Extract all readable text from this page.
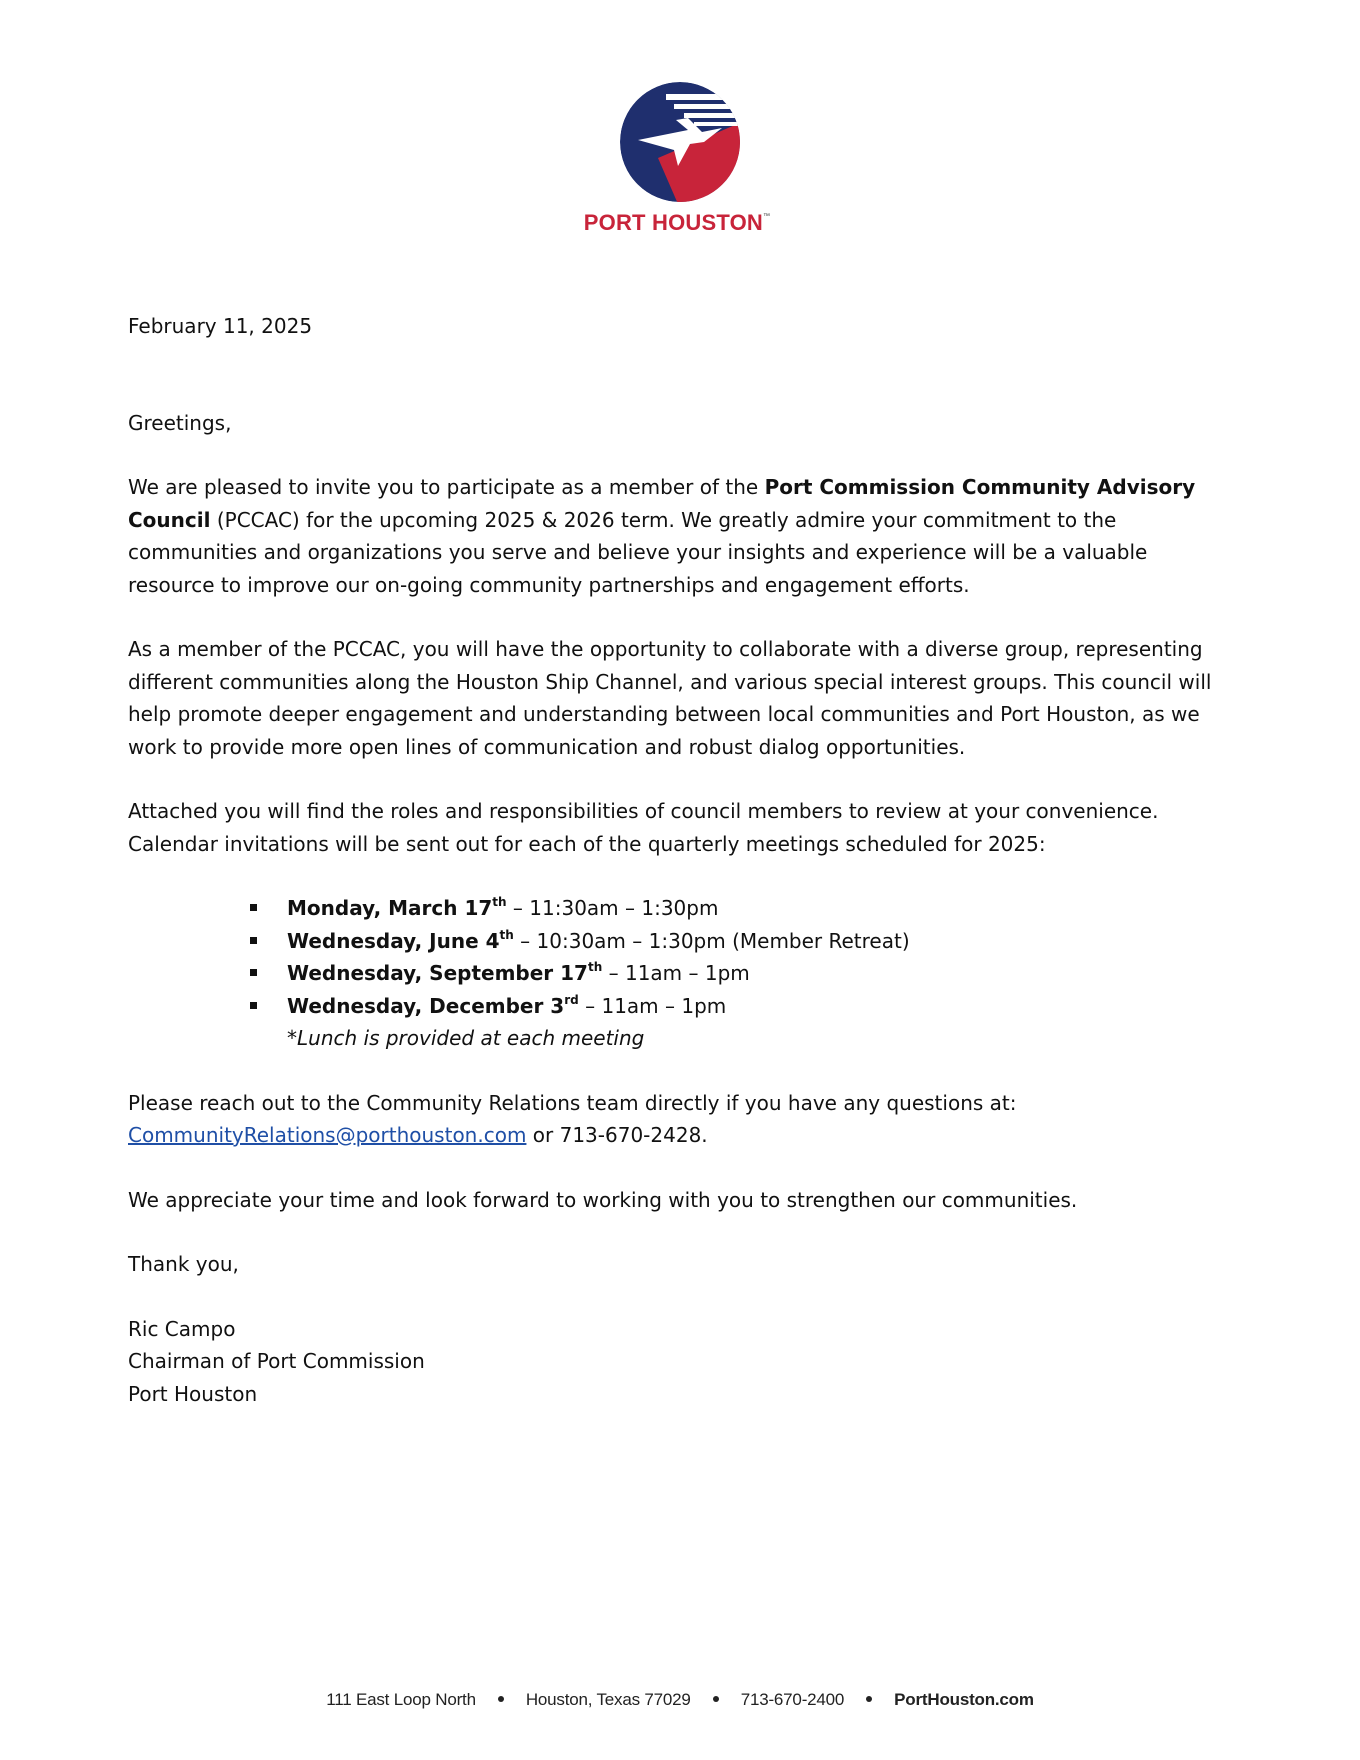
PORT HOUSTON™

February 11, 2025

Greetings,

We are pleased to invite you to participate as a member of the Port Commission Community Advisory Council (PCCAC) for the upcoming 2025 & 2026 term. We greatly admire your commitment to the communities and organizations you serve and believe your insights and experience will be a valuable resource to improve our on-going community partnerships and engagement efforts.

As a member of the PCCAC, you will have the opportunity to collaborate with a diverse group, representing different communities along the Houston Ship Channel, and various special interest groups. This council will help promote deeper engagement and understanding between local communities and Port Houston, as we work to provide more open lines of communication and robust dialog opportunities.

Attached you will find the roles and responsibilities of council members to review at your convenience.
Calendar invitations will be sent out for each of the quarterly meetings scheduled for 2025:

Monday, March 17th – 11:30am – 1:30pm
Wednesday, June 4th – 10:30am – 1:30pm (Member Retreat)
Wednesday, September 17th – 11am – 1pm
Wednesday, December 3rd – 11am – 1pm
*Lunch is provided at each meeting

Please reach out to the Community Relations team directly if you have any questions at:
CommunityRelations@porthouston.com or 713-670-2428.

We appreciate your time and look forward to working with you to strengthen our communities.

Thank you,

Ric Campo

Chairman of Port Commission

Port Houston

111 East Loop North	Houston, Texas 77029	713-670-2400	PortHouston.com
